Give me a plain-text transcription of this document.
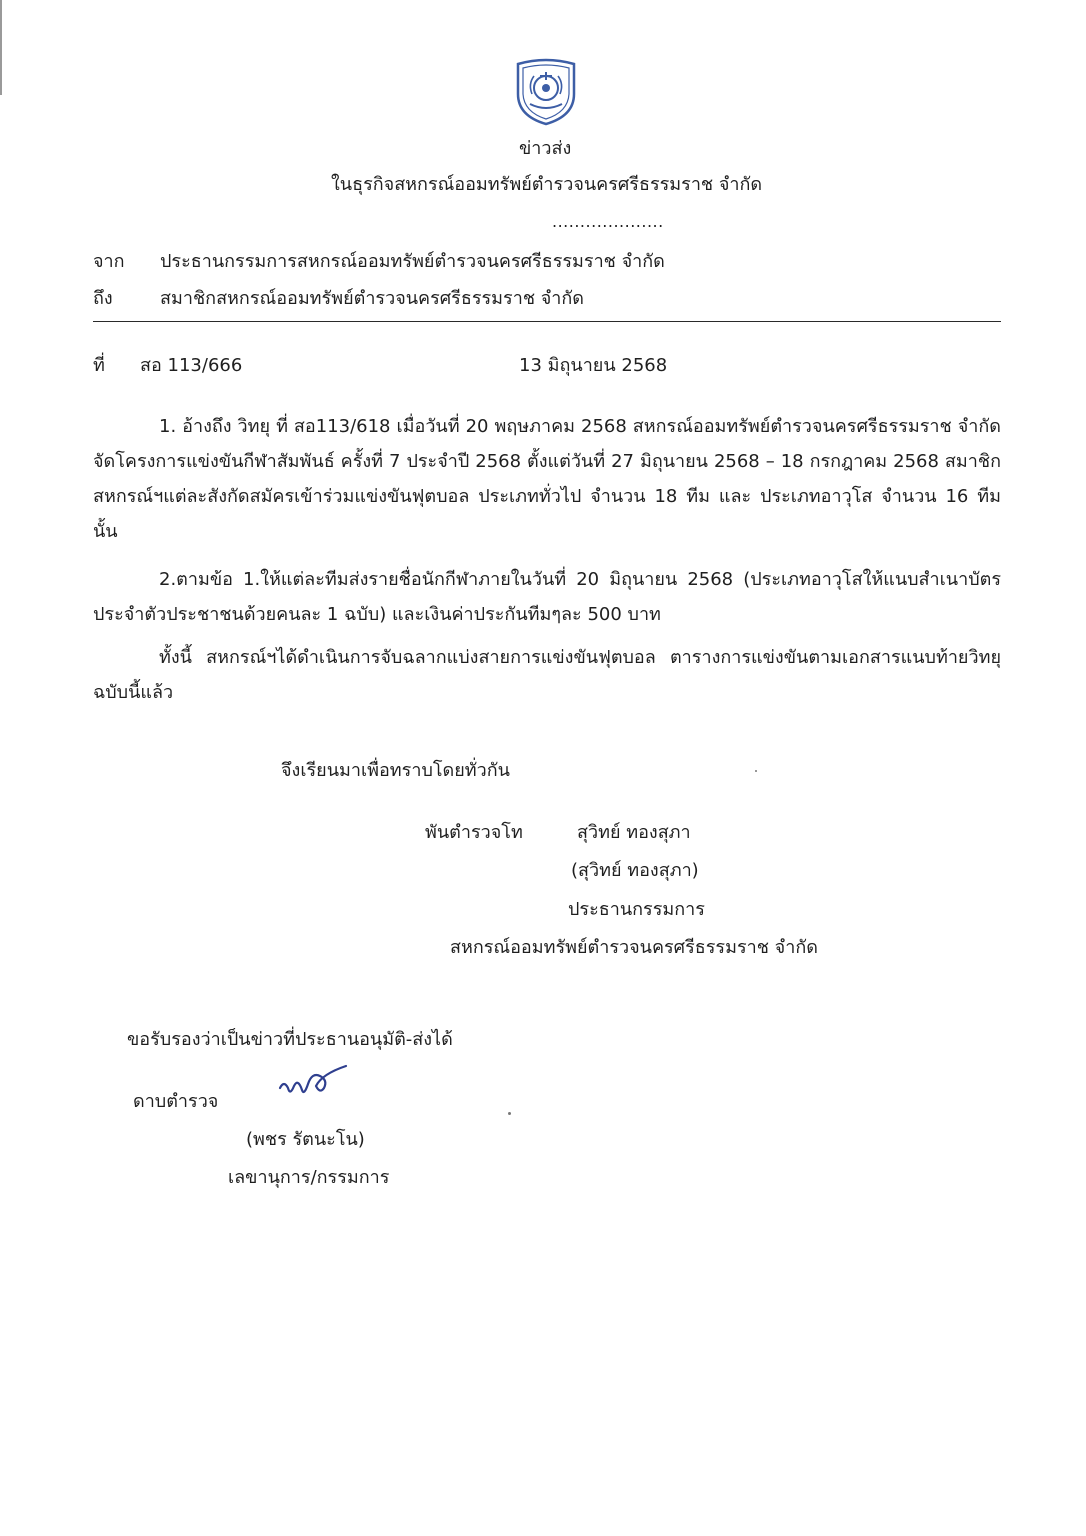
ข่าวส่ง
ในธุรกิจสหกรณ์ออมทรัพย์ตำรวจนครศรีธรรมราช จำกัด
....................
จาก ประธานกรรมการสหกรณ์ออมทรัพย์ตำรวจนครศรีธรรมราช จำกัด
ถึง	สมาชิกสหกรณ์ออมทรัพย์ตำรวจนครศรีธรรมราช จำกัด
ที่ สอ 113/666	13 มิถุนายน 2568
1. อ้างถึง วิทยุ ที่ สอ113/618 เมื่อวันที่ 20 พฤษภาคม 2568 สหกรณ์ออมทรัพย์ตำรวจนครศรีธรรมราช จำกัด จัดโครงการแข่งขันกีฬาสัมพันธ์ ครั้งที่ 7 ประจำปี 2568 ตั้งแต่วันที่ 27 มิถุนายน 2568 – 18 กรกฎาคม 2568 สมาชิกสหกรณ์ฯแต่ละสังกัดสมัครเข้าร่วมแข่งขันฟุตบอล ประเภททั่วไป จำนวน 18 ทีม และ ประเภทอาวุโส จำนวน 16 ทีม นั้น
2.ตามข้อ 1.ให้แต่ละทีมส่งรายชื่อนักกีฬาภายในวันที่ 20 มิถุนายน 2568 (ประเภทอาวุโสให้แนบสำเนาบัตรประจำตัวประชาชนด้วยคนละ 1 ฉบับ) และเงินค่าประกันทีมๆละ 500 บาท
ทั้งนี้ สหกรณ์ฯได้ดำเนินการจับฉลากแบ่งสายการแข่งขันฟุตบอล ตารางการแข่งขันตามเอกสารแนบท้ายวิทยุ ฉบับนี้แล้ว
จึงเรียนมาเพื่อทราบโดยทั่วกัน
พันตำรวจโท	สุวิทย์ ทองสุภา
(สุวิทย์ ทองสุภา)
ประธานกรรมการ
สหกรณ์ออมทรัพย์ตำรวจนครศรีธรรมราช จำกัด
ขอรับรองว่าเป็นข่าวที่ประธานอนุมัติ-ส่งได้
ดาบตำรวจ
(พชร รัตนะโน)
เลขานุการ/กรรมการ
